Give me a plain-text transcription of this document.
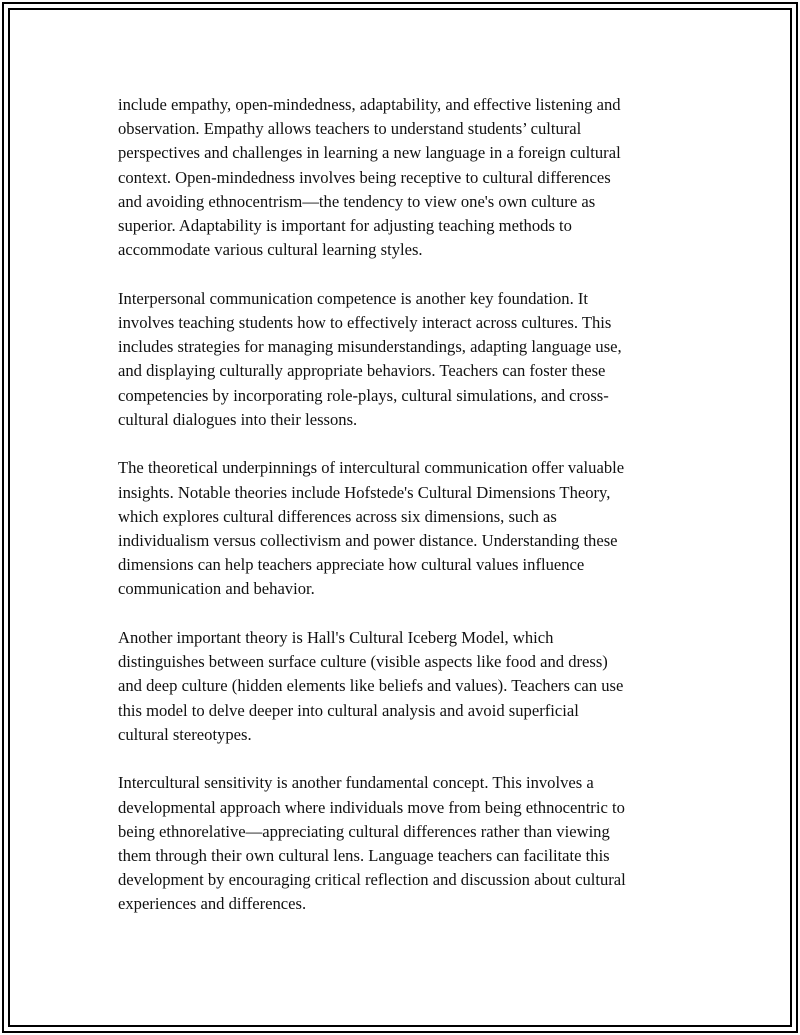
include empathy, open-mindedness, adaptability, and effective listening and
observation. Empathy allows teachers to understand students’ cultural
perspectives and challenges in learning a new language in a foreign cultural
context. Open-mindedness involves being receptive to cultural differences
and avoiding ethnocentrism—the tendency to view one's own culture as
superior. Adaptability is important for adjusting teaching methods to
accommodate various cultural learning styles.

Interpersonal communication competence is another key foundation. It
involves teaching students how to effectively interact across cultures. This
includes strategies for managing misunderstandings, adapting language use,
and displaying culturally appropriate behaviors. Teachers can foster these
competencies by incorporating role-plays, cultural simulations, and cross-
cultural dialogues into their lessons.

The theoretical underpinnings of intercultural communication offer valuable
insights. Notable theories include Hofstede's Cultural Dimensions Theory,
which explores cultural differences across six dimensions, such as
individualism versus collectivism and power distance. Understanding these
dimensions can help teachers appreciate how cultural values influence
communication and behavior.

Another important theory is Hall's Cultural Iceberg Model, which
distinguishes between surface culture (visible aspects like food and dress)
and deep culture (hidden elements like beliefs and values). Teachers can use
this model to delve deeper into cultural analysis and avoid superficial
cultural stereotypes.

Intercultural sensitivity is another fundamental concept. This involves a
developmental approach where individuals move from being ethnocentric to
being ethnorelative—appreciating cultural differences rather than viewing
them through their own cultural lens. Language teachers can facilitate this
development by encouraging critical reflection and discussion about cultural
experiences and differences.
